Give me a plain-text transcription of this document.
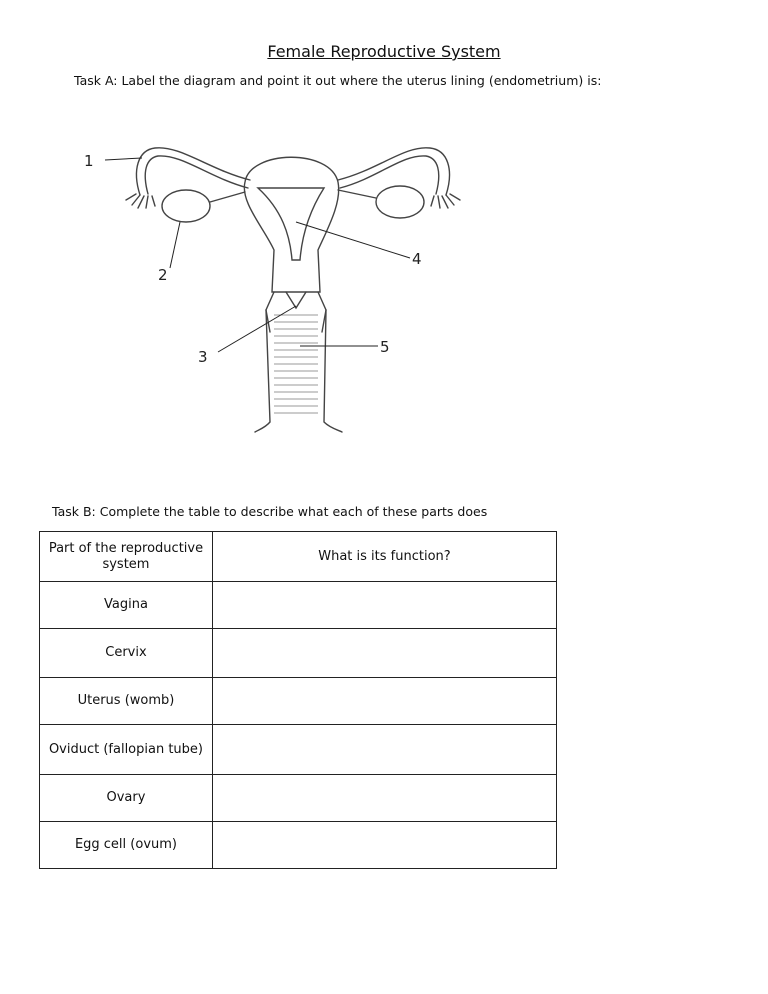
Female Reproductive System
Task A: Label the diagram and point it out where the uterus lining (endometrium) is:
1
2
3
4
5
Task B: Complete the table to describe what each of these parts does
Part of the reproductive system	What is its function?
Vagina	
Cervix	
Uterus (womb)	
Oviduct (fallopian tube)	
Ovary	
Egg cell (ovum)	
